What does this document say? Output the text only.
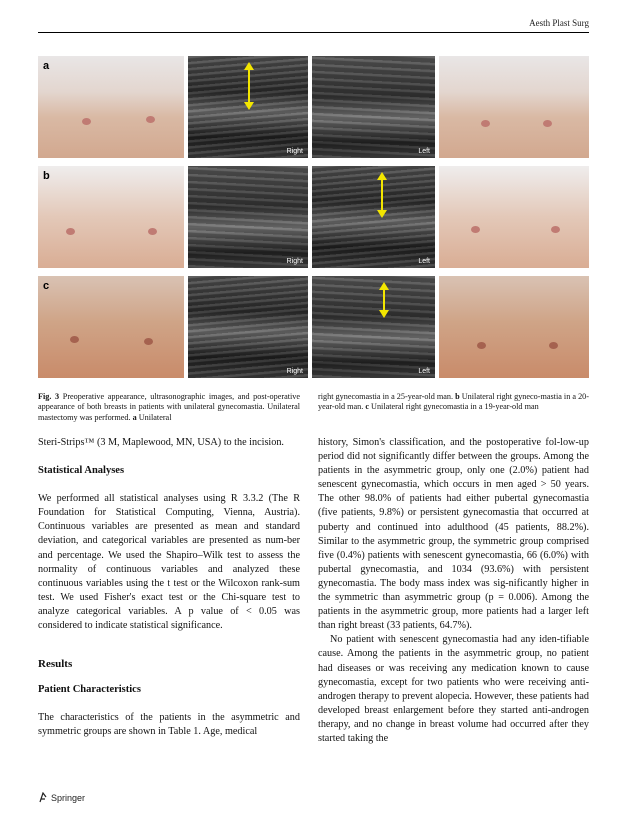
Aesth Plast Surg
a
Right	Left
b
Right	Left
c
Right	Left
Fig. 3 Preoperative appearance, ultrasonographic images, and post-operative appearance of both breasts in patients with unilateral gynecomastia. Unilateral mastectomy was performed. a Unilateral
right gynecomastia in a 25-year-old man. b Unilateral right gyneco-mastia in a 20-year-old man. c Unilateral right gynecomastia in a 19-year-old man

Steri-Strips™ (3 M, Maplewood, MN, USA) to the incision.

Statistical Analyses

We performed all statistical analyses using R 3.3.2 (The R Foundation for Statistical Computing, Vienna, Austria). Continuous variables are presented as mean and standard deviation, and categorical variables are presented as num-ber and percentage. We used the Shapiro–Wilk test to assess the normality of continuous variables and analyzed these continuous variables using the t test or the Wilcoxon rank-sum test. We used Fisher's exact test or the Chi-square test to analyze categorical variables. A p value of < 0.05 was considered to indicate statistical significance.

Results

Patient Characteristics

The characteristics of the patients in the asymmetric and symmetric groups are shown in Table 1. Age, medical

history, Simon's classification, and the postoperative fol-low-up period did not significantly differ between the groups. Among the patients in the asymmetric group, only one (2.0%) patient had senescent gynecomastia, which occurs in men aged > 50 years. The other 98.0% of patients had either pubertal gynecomastia (five patients, 9.8%) or persistent gynecomastia that occurred at puberty and continued into adulthood (45 patients, 88.2%). Similar to the asymmetric group, the symmetric group comprised five (0.4%) patients with senescent gynecomastia, 66 (6.0%) with pubertal gynecomastia, and 1034 (93.6%) with persistent gynecomastia. The body mass index was sig-nificantly higher in the symmetric than asymmetric group (p = 0.006). Among the patients in the asymmetric group, more patients had a larger left than right breast (33 patients, 64.7%).

No patient with senescent gynecomastia had any iden-tifiable cause. Among the patients in the asymmetric group, no patient had diseases or was receiving any medication known to cause gynecomastia, except for two patients who were receiving anti-androgen therapy to prevent alopecia. However, these patients had developed breast enlargement before they started anti-androgen therapy, and no change in breast volume had occurred after they started taking the

Springer
